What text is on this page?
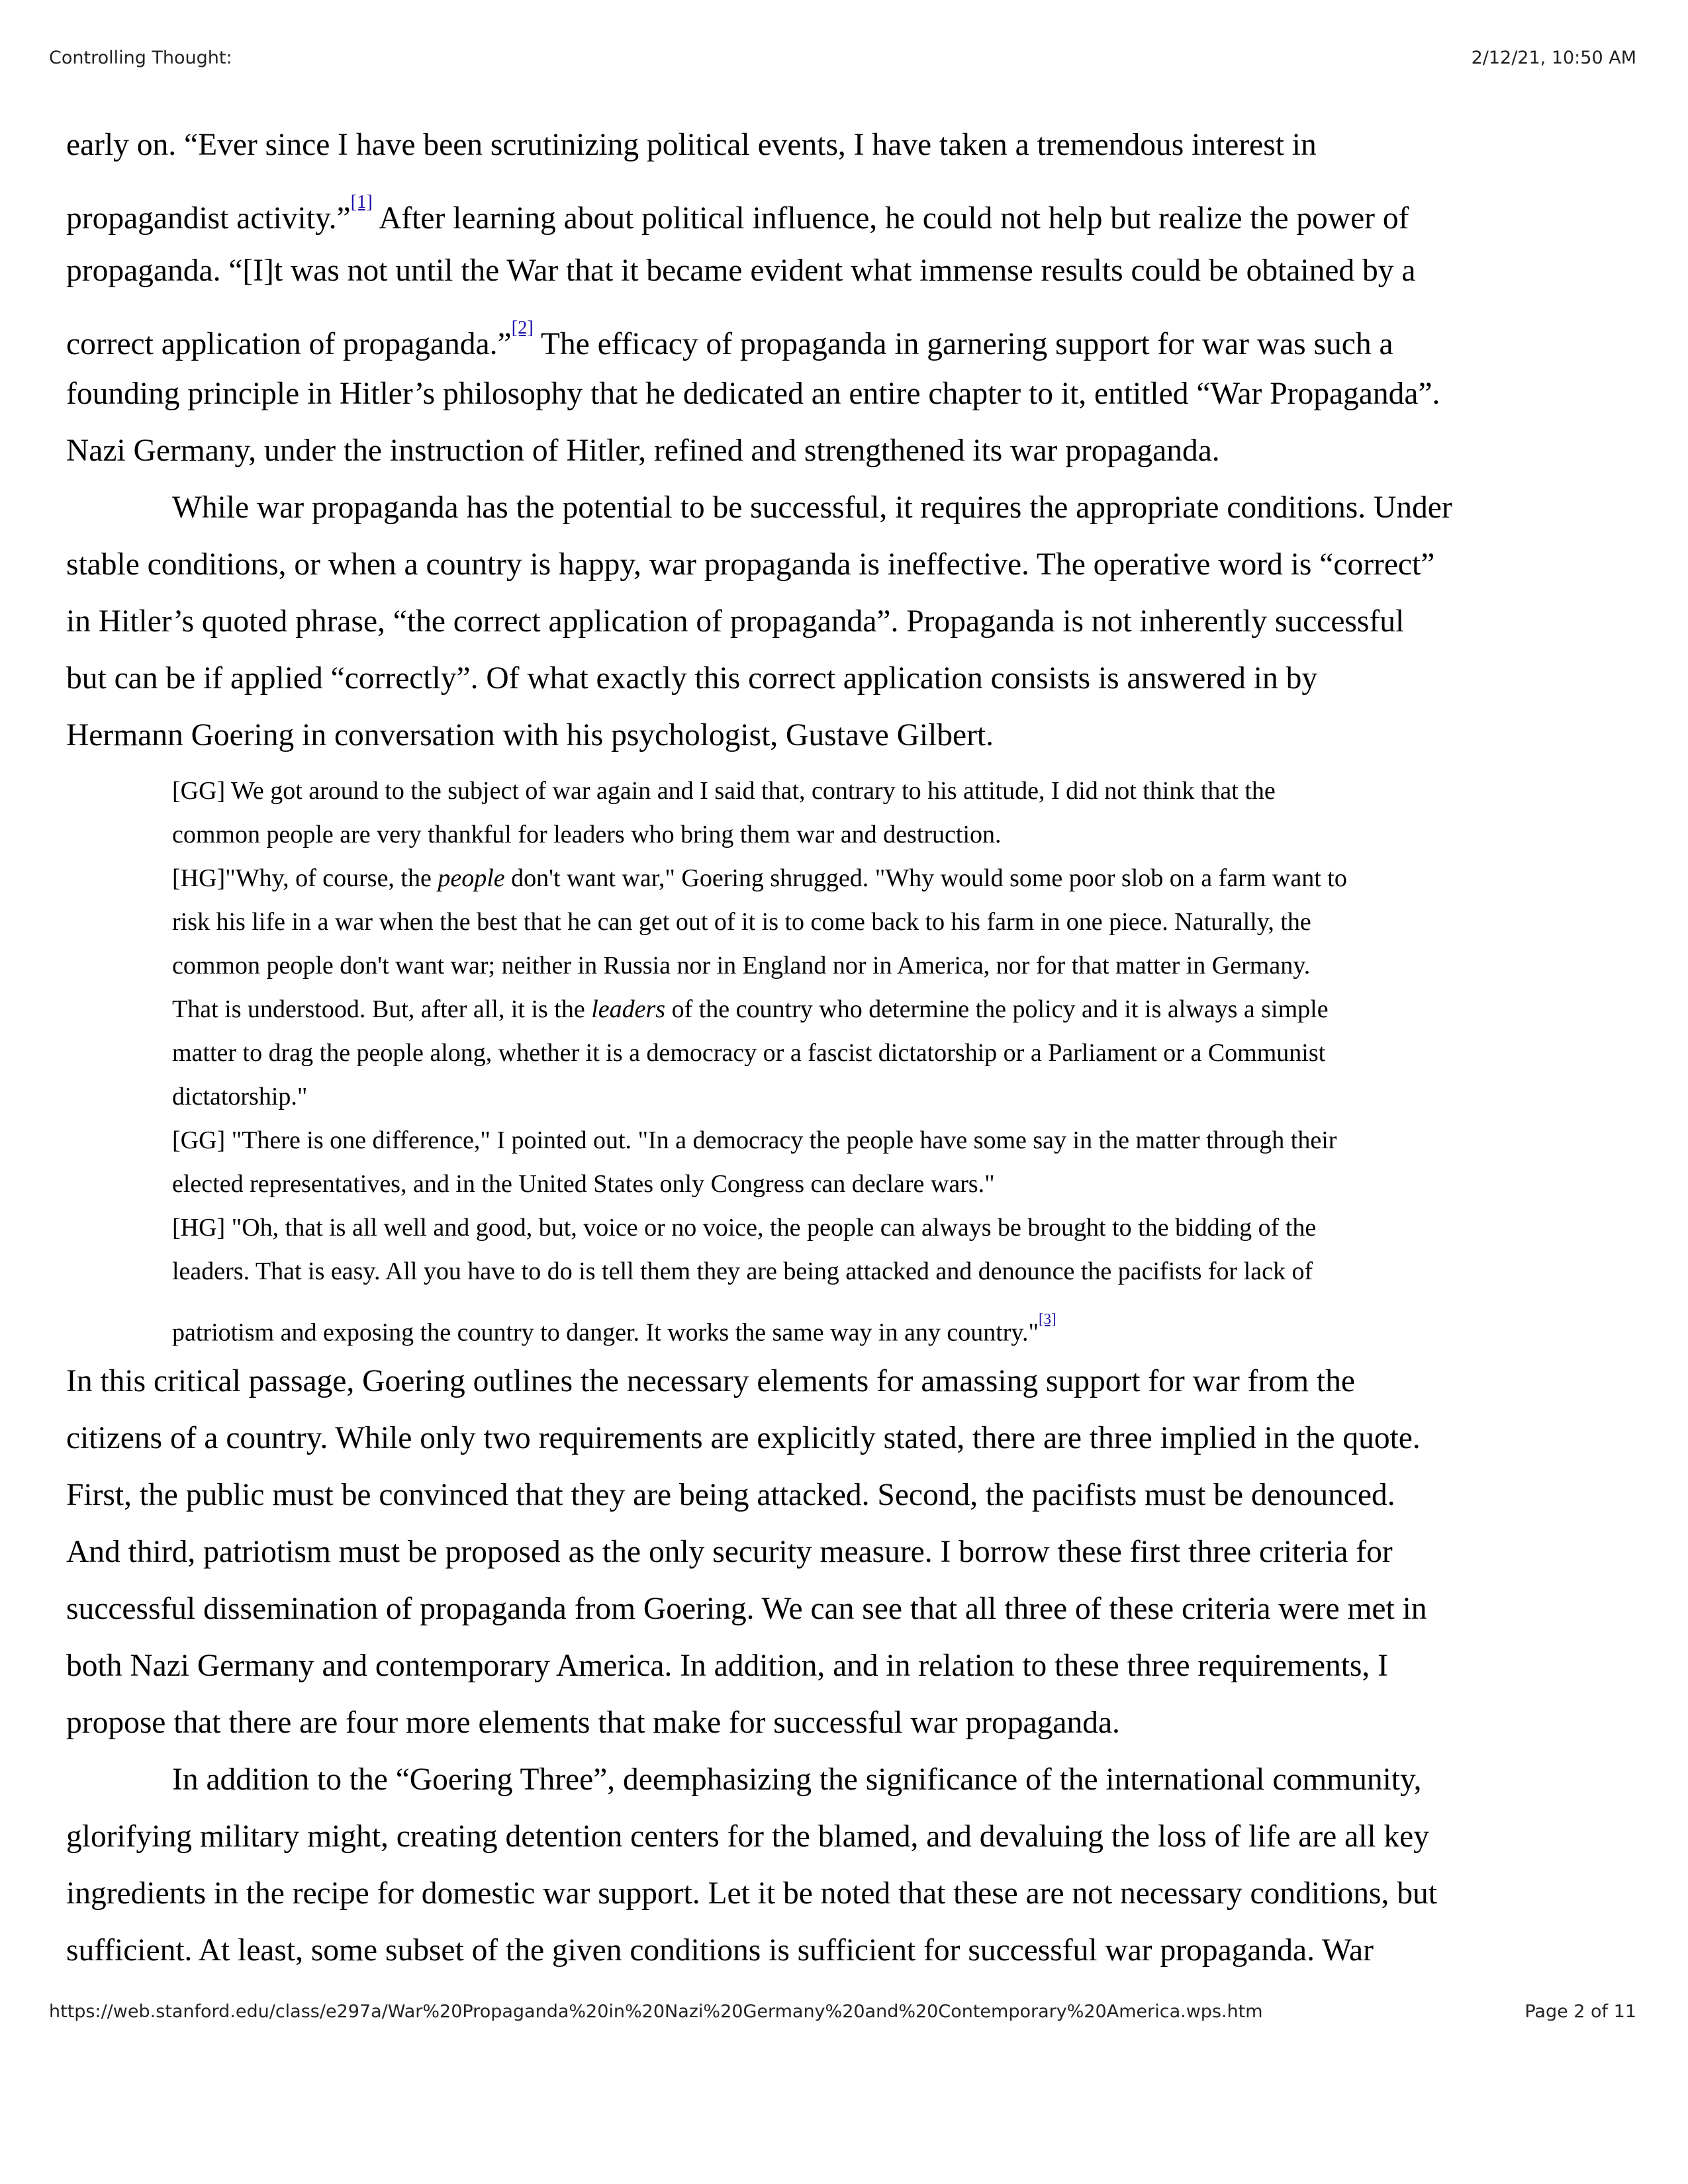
Controlling Thought:	2/12/21, 10:50 AM
early on. “Ever since I have been scrutinizing political events, I have taken a tremendous interest in
propagandist activity.”[1] After learning about political influence, he could not help but realize the power of
propaganda. “[I]t was not until the War that it became evident what immense results could be obtained by a
correct application of propaganda.”[2] The efficacy of propaganda in garnering support for war was such a
founding principle in Hitler’s philosophy that he dedicated an entire chapter to it, entitled “War Propaganda”.
Nazi Germany, under the instruction of Hitler, refined and strengthened its war propaganda.
While war propaganda has the potential to be successful, it requires the appropriate conditions. Under
stable conditions, or when a country is happy, war propaganda is ineffective. The operative word is “correct”
in Hitler’s quoted phrase, “the correct application of propaganda”. Propaganda is not inherently successful
but can be if applied “correctly”. Of what exactly this correct application consists is answered in by
Hermann Goering in conversation with his psychologist, Gustave Gilbert.
[GG] We got around to the subject of war again and I said that, contrary to his attitude, I did not think that the
common people are very thankful for leaders who bring them war and destruction.
[HG]"Why, of course, the people don't want war," Goering shrugged. "Why would some poor slob on a farm want to
risk his life in a war when the best that he can get out of it is to come back to his farm in one piece. Naturally, the
common people don't want war; neither in Russia nor in England nor in America, nor for that matter in Germany.
That is understood. But, after all, it is the leaders of the country who determine the policy and it is always a simple
matter to drag the people along, whether it is a democracy or a fascist dictatorship or a Parliament or a Communist
dictatorship."
[GG] "There is one difference," I pointed out. "In a democracy the people have some say in the matter through their
elected representatives, and in the United States only Congress can declare wars."
[HG] "Oh, that is all well and good, but, voice or no voice, the people can always be brought to the bidding of the
leaders. That is easy. All you have to do is tell them they are being attacked and denounce the pacifists for lack of
patriotism and exposing the country to danger. It works the same way in any country."[3]
In this critical passage, Goering outlines the necessary elements for amassing support for war from the
citizens of a country. While only two requirements are explicitly stated, there are three implied in the quote.
First, the public must be convinced that they are being attacked. Second, the pacifists must be denounced.
And third, patriotism must be proposed as the only security measure. I borrow these first three criteria for
successful dissemination of propaganda from Goering. We can see that all three of these criteria were met in
both Nazi Germany and contemporary America. In addition, and in relation to these three requirements, I
propose that there are four more elements that make for successful war propaganda.
In addition to the “Goering Three”, deemphasizing the significance of the international community,
glorifying military might, creating detention centers for the blamed, and devaluing the loss of life are all key
ingredients in the recipe for domestic war support. Let it be noted that these are not necessary conditions, but
sufficient. At least, some subset of the given conditions is sufficient for successful war propaganda. War
https://web.stanford.edu/class/e297a/War%20Propaganda%20in%20Nazi%20Germany%20and%20Contemporary%20America.wps.htm	Page 2 of 11
